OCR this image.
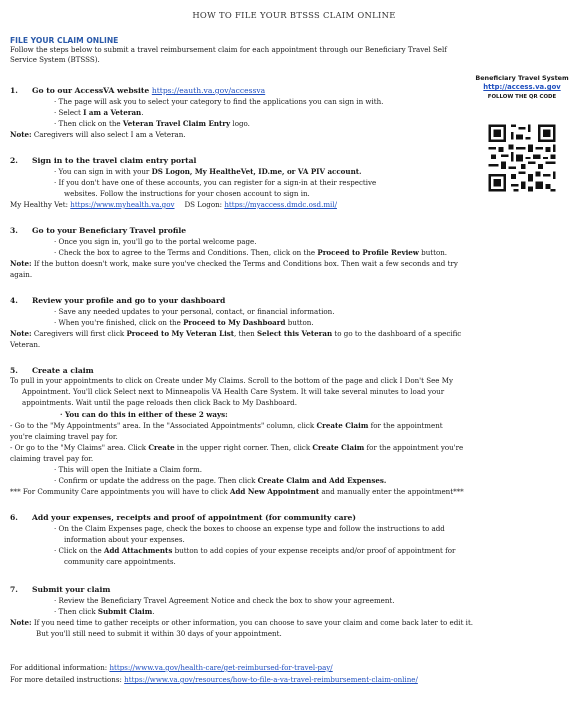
HOW TO FILE YOUR BTSSS CLAIM ONLINE
FILE YOUR CLAIM ONLINE
Follow the steps below to submit a travel reimbursement claim for each appointment through our Beneficiary Travel Self
Service System (BTSSS).
Beneficiary Travel System
http://access.va.gov
FOLLOW THE QR CODE
1. Go to our AccessVA website https://eauth.va.gov/accessva
· The page will ask you to select your category to find the applications you can sign in with.
· Select I am a Veteran.
· Then click on the Veteran Travel Claim Entry logo.
Note: Caregivers will also select I am a Veteran.
2. Sign in to the travel claim entry portal
· You can sign in with your DS Logon, My HealtheVet, ID.me, or VA PIV account.
· If you don't have one of these accounts, you can register for a sign-in at their respective
websites. Follow the instructions for your chosen account to sign in.
My Healthy Vet: https://www.myhealth.va.gov DS Logon: https://myaccess.dmdc.osd.mil/
3. Go to your Beneficiary Travel profile
· Once you sign in, you'll go to the portal welcome page.
· Check the box to agree to the Terms and Conditions. Then, click on the Proceed to Profile Review button.
Note: If the button doesn't work, make sure you've checked the Terms and Conditions box. Then wait a few seconds and try
again.
4. Review your profile and go to your dashboard
· Save any needed updates to your personal, contact, or financial information.
· When you're finished, click on the Proceed to My Dashboard button.
Note: Caregivers will first click Proceed to My Veteran List, then Select this Veteran to go to the dashboard of a specific
Veteran.
5. Create a claim
To pull in your appointments to click on Create under My Claims. Scroll to the bottom of the page and click I Don't See My
Appointment. You'll click Select next to Minneapolis VA Health Care System. It will take several minutes to load your
appointments. Wait until the page reloads then click Back to My Dashboard.
· You can do this in either of these 2 ways:
- Go to the "My Appointments" area. In the "Associated Appointments" column, click Create Claim for the appointment
you're claiming travel pay for.
- Or go to the "My Claims" area. Click Create in the upper right corner. Then, click Create Claim for the appointment you're
claiming travel pay for.
· This will open the Initiate a Claim form.
· Confirm or update the address on the page. Then click Create Claim and Add Expenses.
*** For Community Care appointments you will have to click Add New Appointment and manually enter the appointment***
6. Add your expenses, receipts and proof of appointment (for community care)
· On the Claim Expenses page, check the boxes to choose an expense type and follow the instructions to add
information about your expenses.
· Click on the Add Attachments button to add copies of your expense receipts and/or proof of appointment for
community care appointments.
7. Submit your claim
· Review the Beneficiary Travel Agreement Notice and check the box to show your agreement.
· Then click Submit Claim.
Note: If you need time to gather receipts or other information, you can choose to save your claim and come back later to edit it.
But you'll still need to submit it within 30 days of your appointment.
For additional information: https://www.va.gov/health-care/get-reimbursed-for-travel-pay/
For more detailed instructions: https://www.va.gov/resources/how-to-file-a-va-travel-reimbursement-claim-online/
